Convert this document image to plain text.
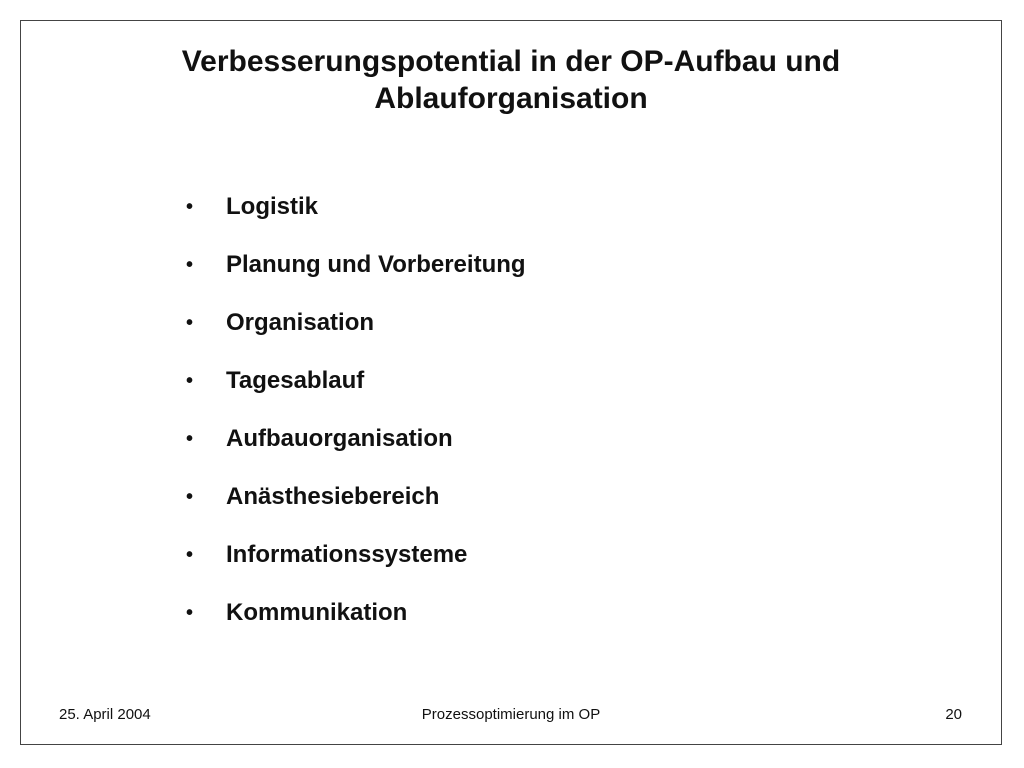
Verbesserungspotential in der OP-Aufbau und
Ablauforganisation
•	Logistik
•	Planung und Vorbereitung
•	Organisation
•	Tagesablauf
•	Aufbauorganisation
•	Anästhesiebereich
•	Informationssysteme
•	Kommunikation
25. April 2004	Prozessoptimierung im OP	20
